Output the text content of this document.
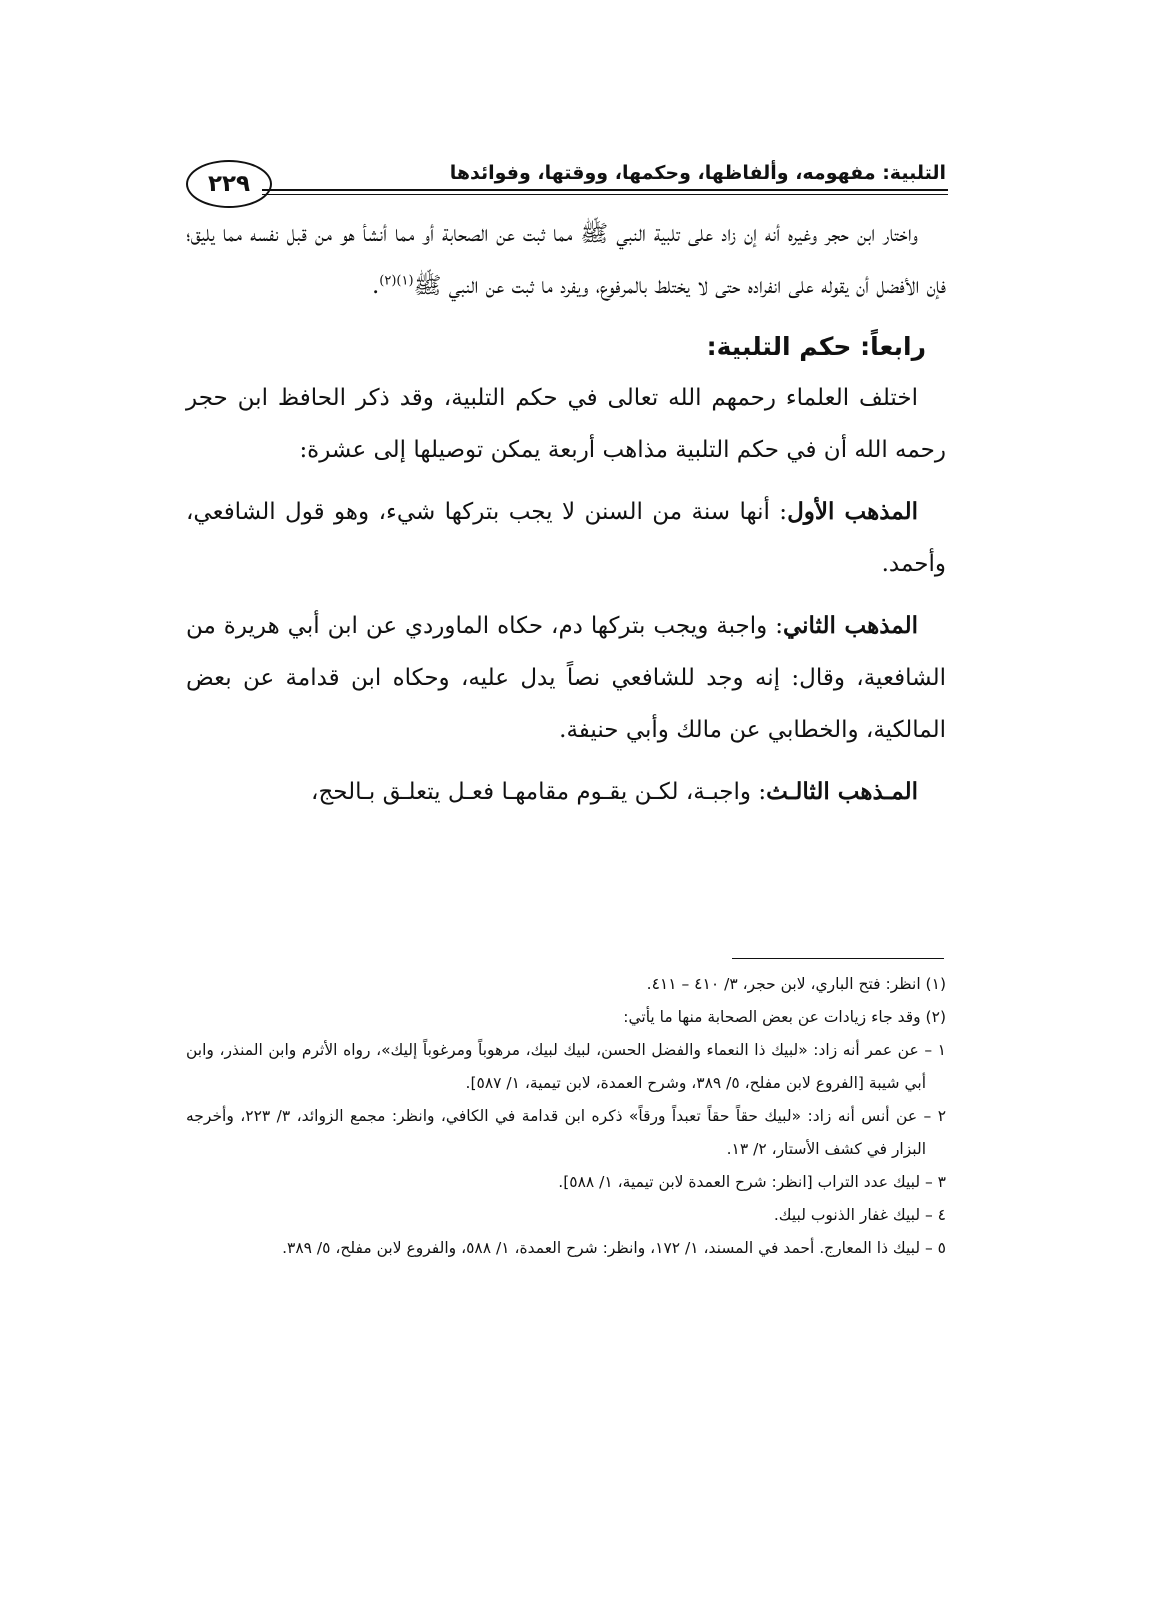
التلبية: مفهومه، وألفاظها، وحكمها، ووقتها، وفوائدها
٢٢٩

واختار ابن حجر وغيره أنه إن زاد على تلبية النبي ﷺ مما ثبت عن الصحابة أو مما أنشأ هو من قبل نفسه مما يليق؛ فإن الأفضل أن يقوله على انفراده حتى لا يختلط بالمرفوع، ويفرد ما ثبت عن النبي ﷺ$^{(١)(٢)}$.

رابعاً: حكم التلبية:

اختلف العلماء رحمهم الله تعالى في حكم التلبية، وقد ذكر الحافظ ابن حجر رحمه الله أن في حكم التلبية مذاهب أربعة يمكن توصيلها إلى عشرة:

المذهب الأول: أنها سنة من السنن لا يجب بتركها شيء، وهو قول الشافعي، وأحمد.

المذهب الثاني: واجبة ويجب بتركها دم، حكاه الماوردي عن ابن أبي هريرة من الشافعية، وقال: إنه وجد للشافعي نصاً يدل عليه، وحكاه ابن قدامة عن بعض المالكية، والخطابي عن مالك وأبي حنيفة.

المـذهب الثالـث: واجبـة، لكـن يقـوم مقامهـا فعـل يتعلـق بـالحج،

(١) انظر: فتح الباري، لابن حجر، ٣/ ٤١٠ – ٤١١.

(٢) وقد جاء زيادات عن بعض الصحابة منها ما يأتي:

١ – عن عمر أنه زاد: «لبيك ذا النعماء والفضل الحسن، لبيك لبيك، مرهوباً ومرغوباً إليك»، رواه الأثرم وابن المنذر، وابن أبي شيبة [الفروع لابن مفلح، ٥/ ٣٨٩، وشرح العمدة، لابن تيمية، ١/ ٥٨٧].

٢ – عن أنس أنه زاد: «لبيك حقاً حقاً تعبداً ورقاً» ذكره ابن قدامة في الكافي، وانظر: مجمع الزوائد، ٣/ ٢٢٣، وأخرجه البزار في كشف الأستار، ٢/ ١٣.

٣ – لبيك عدد التراب [انظر: شرح العمدة لابن تيمية، ١/ ٥٨٨].

٤ – لبيك غفار الذنوب لبيك.

٥ – لبيك ذا المعارج. أحمد في المسند، ١/ ١٧٢، وانظر: شرح العمدة، ١/ ٥٨٨، والفروع لابن مفلح، ٥/ ٣٨٩.
